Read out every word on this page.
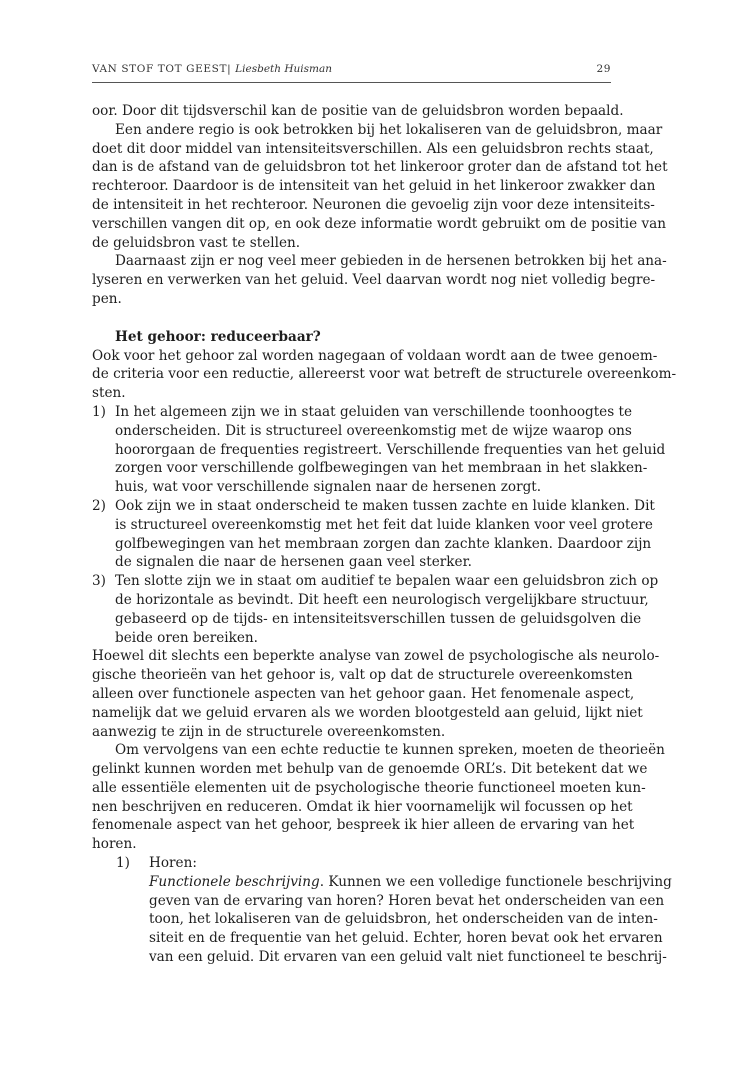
VAN STOF TOT GEEST| Liesbeth Huisman	29
oor. Door dit tijdsverschil kan de positie van de geluidsbron worden bepaald.
Een andere regio is ook betrokken bij het lokaliseren van de geluidsbron, maar
doet dit door middel van intensiteitsverschillen. Als een geluidsbron rechts staat,
dan is de afstand van de geluidsbron tot het linkeroor groter dan de afstand tot het
rechteroor. Daardoor is de intensiteit van het geluid in het linkeroor zwakker dan
de intensiteit in het rechteroor. Neuronen die gevoelig zijn voor deze intensiteits-
verschillen vangen dit op, en ook deze informatie wordt gebruikt om de positie van
de geluidsbron vast te stellen.
Daarnaast zijn er nog veel meer gebieden in de hersenen betrokken bij het ana-
lyseren en verwerken van het geluid. Veel daarvan wordt nog niet volledig begre-
pen.
Het gehoor: reduceerbaar?
Ook voor het gehoor zal worden nagegaan of voldaan wordt aan de twee genoem-
de criteria voor een reductie, allereerst voor wat betreft de structurele overeenkom-
sten.
1) In het algemeen zijn we in staat geluiden van verschillende toonhoogtes te
onderscheiden. Dit is structureel overeenkomstig met de wijze waarop ons
hoororgaan de frequenties registreert. Verschillende frequenties van het geluid
zorgen voor verschillende golfbewegingen van het membraan in het slakken-
huis, wat voor verschillende signalen naar de hersenen zorgt.
2) Ook zijn we in staat onderscheid te maken tussen zachte en luide klanken. Dit
is structureel overeenkomstig met het feit dat luide klanken voor veel grotere
golfbewegingen van het membraan zorgen dan zachte klanken. Daardoor zijn
de signalen die naar de hersenen gaan veel sterker.
3) Ten slotte zijn we in staat om auditief te bepalen waar een geluidsbron zich op
de horizontale as bevindt. Dit heeft een neurologisch vergelijkbare structuur,
gebaseerd op de tijds- en intensiteitsverschillen tussen de geluidsgolven die
beide oren bereiken.
Hoewel dit slechts een beperkte analyse van zowel de psychologische als neurolo-
gische theorieën van het gehoor is, valt op dat de structurele overeenkomsten
alleen over functionele aspecten van het gehoor gaan. Het fenomenale aspect,
namelijk dat we geluid ervaren als we worden blootgesteld aan geluid, lijkt niet
aanwezig te zijn in de structurele overeenkomsten.
Om vervolgens van een echte reductie te kunnen spreken, moeten de theorieën
gelinkt kunnen worden met behulp van de genoemde ORL’s. Dit betekent dat we
alle essentiële elementen uit de psychologische theorie functioneel moeten kun-
nen beschrijven en reduceren. Omdat ik hier voornamelijk wil focussen op het
fenomenale aspect van het gehoor, bespreek ik hier alleen de ervaring van het
horen.
1) Horen:
Functionele beschrijving. Kunnen we een volledige functionele beschrijving
geven van de ervaring van horen? Horen bevat het onderscheiden van een
toon, het lokaliseren van de geluidsbron, het onderscheiden van de inten-
siteit en de frequentie van het geluid. Echter, horen bevat ook het ervaren
van een geluid. Dit ervaren van een geluid valt niet functioneel te beschrij-
